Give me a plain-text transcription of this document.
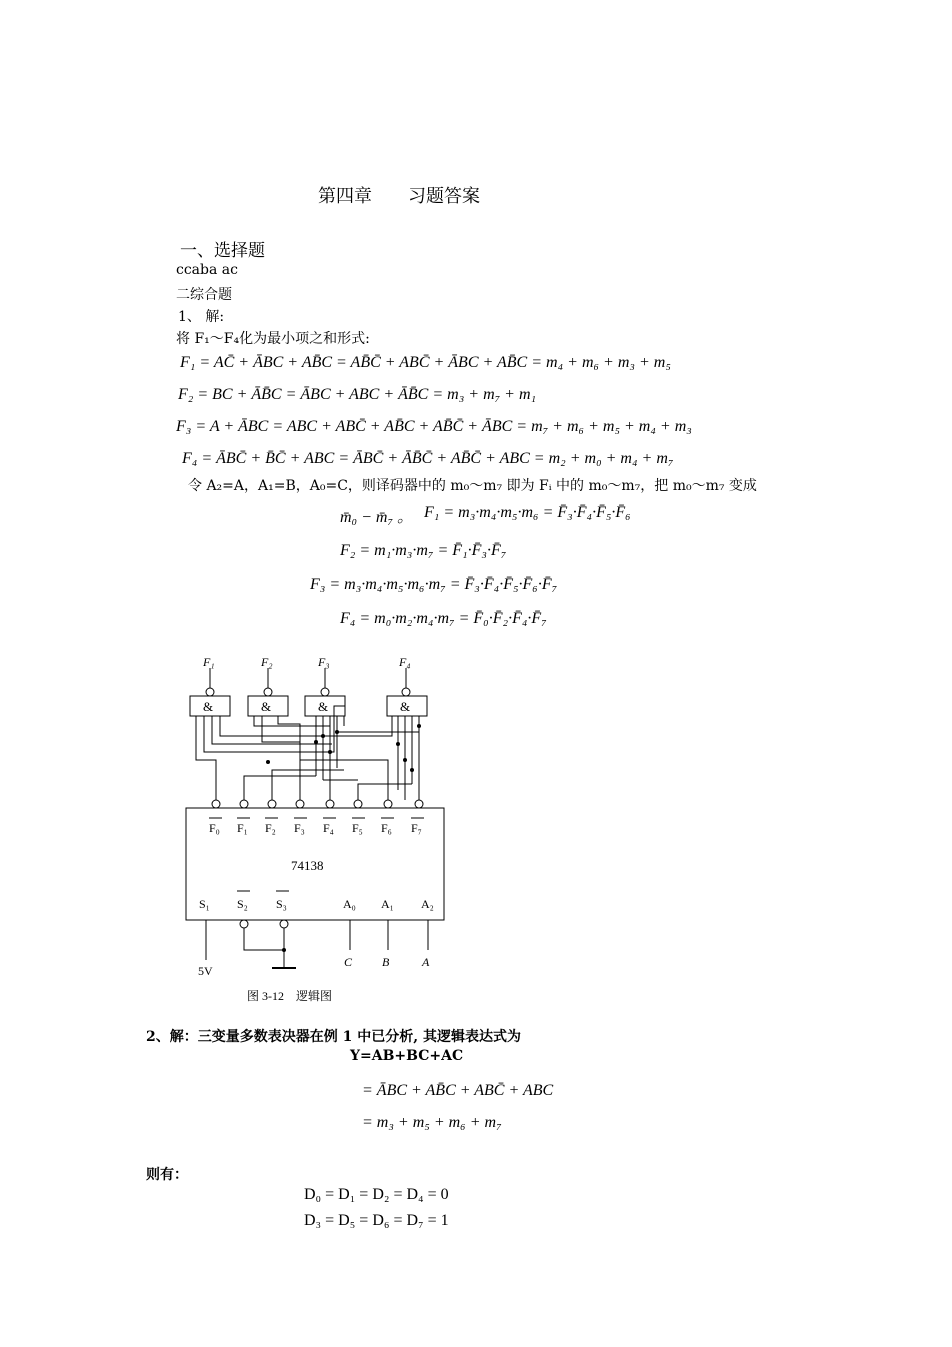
第四章　　习题答案
一、选择题
ccaba ac
二综合题
1、 解:
将 F₁～F₄化为最小项之和形式:
F₁ = AC̄ + ĀBC + AB̄C = AB̄C̄ + ABC̄ + ĀBC + AB̄C = m₄ + m₆ + m₃ + m₅
F₂ = BC + ĀB̄C = ĀBC + ABC + ĀB̄C = m₃ + m₇ + m₁
F₃ = A + ĀBC = ABC + ABC̄ + AB̄C + AB̄C̄ + ĀBC = m₇ + m₆ + m₅ + m₄ + m₃
F₄ = ĀBC̄ + B̄C̄ + ABC = ĀBC̄ + ĀB̄C̄ + AB̄C̄ + ABC = m₂ + m₀ + m₄ + m₇
令 A₂=A，A₁=B，A₀=C，则译码器中的 m₀～m₇ 即为 Fᵢ 中的 m₀～m₇，把 m₀～m₇ 变成
m̄₀ − m̄₇ 。 F₁ = m₃·m₄·m₅·m₆ = F̄₃·F̄₄·F̄₅·F̄₆
F₂ = m₁·m₃·m₇ = F̄₁·F̄₃·F̄₇
F₃ = m₃·m₄·m₅·m₆·m₇ = F̄₃·F̄₄·F̄₅·F̄₆·F̄₇
F₄ = m₀·m₂·m₄·m₇ = F̄₀·F̄₂·F̄₄·F̄₇
F₁	F₂	F₃	F₄
&	&	&	&
F₀ F₁ F₂ F₃ F₄ F₅ F₆ F₇
74138
S₁ S₂ S₃	A₀ A₁ A₂
C B	A
5V
图 3-12　逻辑图
2、解：三变量多数表决器在例 1 中已分析, 其逻辑表达式为
Y=AB+BC+AC
= ĀBC + AB̄C + ABC̄ + ABC
= m₃ + m₅ + m₆ + m₇
则有：
D₀ = D₁ = D₂ = D₄ = 0
D₃ = D₅ = D₆ = D₇ = 1
